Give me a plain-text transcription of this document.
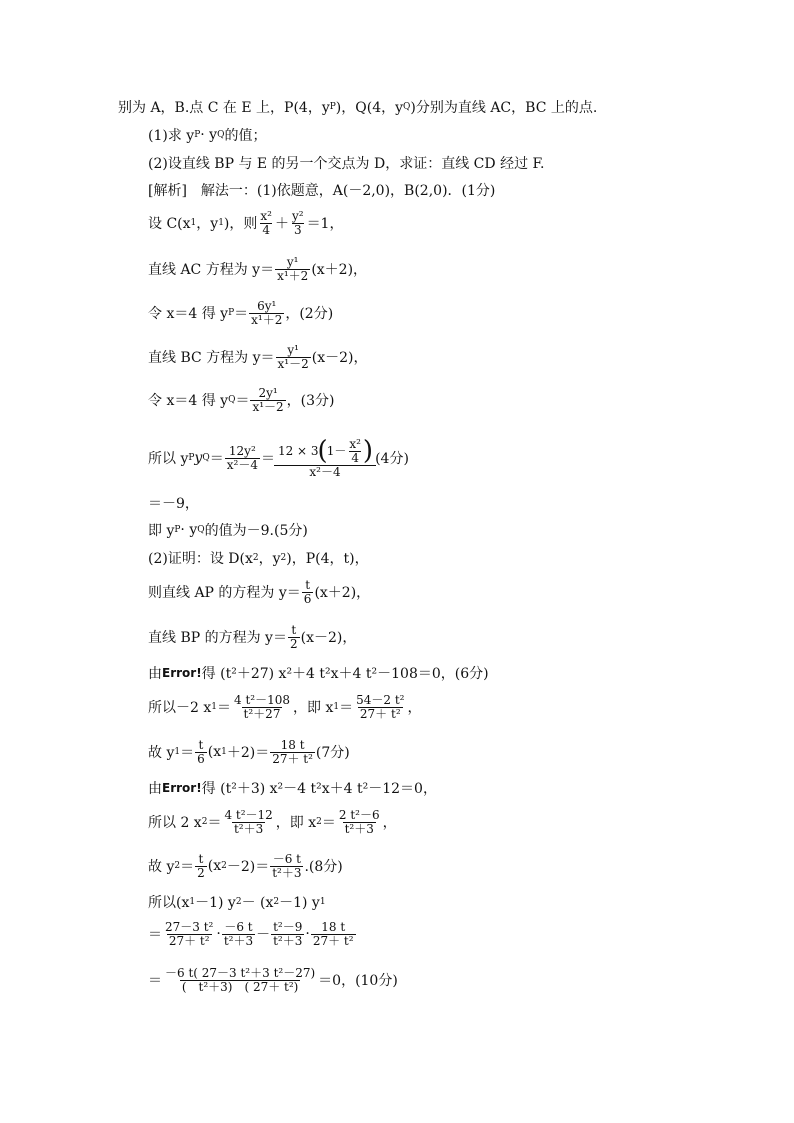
别为 A，B.点 C 在 E 上，P(4，y P )，Q(4，y Q )分别为直线 AC，BC 上的点.
(1)求 y P · y Q 的值；
(2)设直线 BP 与 E 的另一个交点为 D，求证：直线 CD 经过 F.
[解析]　解法一：(1)依题意，A(－2,0)，B(2,0)．(1分)
设 C(x 1 ，y 1 )，则
x²
4 ＋
y²
3 ＝1，
直线 AC 方程为 y＝
y¹
x¹＋2 (x＋2)，
令 x＝4 得 y P ＝
6y¹
x¹＋2 ，(2分)
直线 BC 方程为 y＝
y¹
x¹－2 (x－2)，
令 x＝4 得 y Q ＝
2y¹
x¹－2 ，(3分)
所以 y P y Q ＝
12y²
x²－4 ＝
12 × 3 ( 1－ x²
4 )
x²－4
(4分)
＝－9，
即 y P · y Q 的值为－9.(5分)
(2)证明：设 D(x 2 ，y 2 )，P(4，t)，
则直线 AP 的方程为 y＝
t
6 (x＋2)，
直线 BP 的方程为 y＝
t
2 (x－2)，
由 Error! 得 (t²＋27) x²＋4 t²x＋4 t²－108＝0，(6分)
所以－2 x 1 ＝
4 t²－108
t²＋27 ，即 x 1 ＝
54－2 t²
27＋ t² ，
故 y 1 ＝
t
6 (x 1 ＋2)＝
18 t
27＋ t² (7分)
由 Error! 得 (t²＋3) x²－4 t²x＋4 t²－12＝0，
所以 2 x 2 ＝
4 t²－12
t²＋3 ，即 x 2 ＝
2 t²－6
t²＋3 ，
故 y 2 ＝
t
2 (x 2 －2)＝
－6 t
t²＋3 .(8分)
所以(x 1 －1) y 2 － (x 2 －1) y 1
＝
27－3 t²
27＋ t² · －6 t
t²＋3 －
t²－9
t²＋3 · 18 t
27＋ t²
＝
－6 t( 27－3 t²＋3 t²－27)
(　t²＋3)　( 27＋ t²) ＝0，(10分)
